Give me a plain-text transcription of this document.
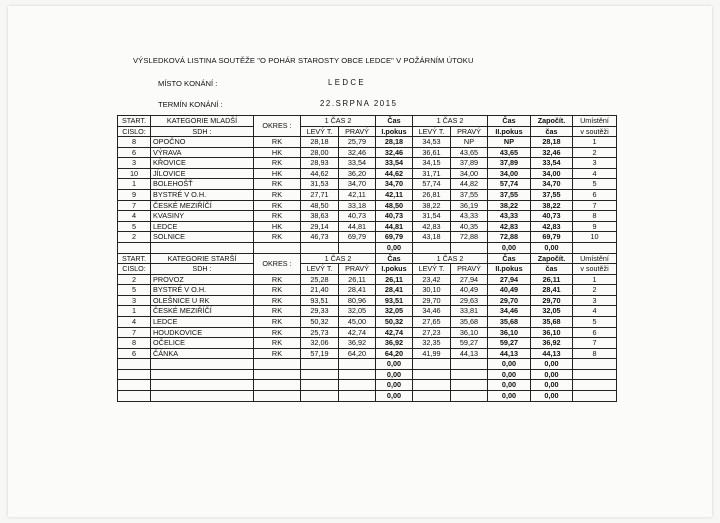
VÝSLEDKOVÁ LISTINA SOUTĚŽE "O POHÁR STAROSTY OBCE LEDCE" V POŽÁRNÍM ÚTOKU
MÍSTO KONÁNÍ :	LEDCE
TERMÍN KONÁNÍ :	22.SRPNA 2015
START.	KATEGORIE MLADŠÍ	OKRES :	1 ČAS 2		Čas	1 ČAS 2		Čas	Započít.	Umístění
CISLO:	SDH :		LEVÝ T.	PRAVÝ	I.pokus	LEVÝ T.	PRAVÝ	II.pokus	čas	v soutěži
8	OPOČNO	RK	28,18	25,79	28,18	34,53	NP	NP	28,18	1
6	VÝRAVA	HK	28,00	32,46	32,46	36,61	43,65	43,65	32,46	2
3	KŘOVICE	RK	28,93	33,54	33,54	34,15	37,89	37,89	33,54	3
10	JÍLOVICE	HK	44,62	36,20	44,62	31,71	34,00	34,00	34,00	4
1	BOLEHOŠŤ	RK	31,53	34,70	34,70	57,74	44,82	57,74	34,70	5
9	BYSTRÉ V O.H.	RK	27,71	42,11	42,11	26,81	37,55	37,55	37,55	6
7	ČESKÉ MEZIŘÍČÍ	RK	48,50	33,18	48,50	38,22	36,19	38,22	38,22	7
4	KVASINY	RK	38,63	40,73	40,73	31,54	43,33	43,33	40,73	8
5	LEDCE	HK	29,14	44,81	44,81	42,83	40,35	42,83	42,83	9
2	SOLNICE	RK	46,73	69,79	69,79	43,18	72,88	72,88	69,79	10
					0,00			0,00	0,00	
START.	KATEGORIE STARŠÍ	OKRES :	1 ČAS 2		Čas	1 ČAS 2		Čas	Započít.	Umístění
CISLO:	SDH :		LEVÝ T.	PRAVÝ	I.pokus	LEVÝ T.	PRAVÝ	II.pokus	čas	v soutěži
2	PROVOZ	RK	25,28	26,11	26,11	23,42	27,94	27,94	26,11	1
5	BYSTRÉ V O.H.	RK	21,40	28,41	28,41	30,10	40,49	40,49	28,41	2
3	OLEŠNICE U RK	RK	93,51	80,96	93,51	29,70	29,63	29,70	29,70	3
1	ČESKÉ MEZIŘÍČÍ	RK	29,33	32,05	32,05	34,46	33,81	34,46	32,05	4
4	LEDCE	RK	50,32	45,00	50,32	27,65	35,68	35,68	35,68	5
7	HOUDKOVICE	RK	25,73	42,74	42,74	27,23	36,10	36,10	36,10	6
8	OČELICE	RK	32,06	36,92	36,92	32,35	59,27	59,27	36,92	7
6	ČÁNKA	RK	57,19	64,20	64,20	41,99	44,13	44,13	44,13	8
					0,00			0,00	0,00	
					0,00			0,00	0,00	
					0,00			0,00	0,00	
					0,00			0,00	0,00	
